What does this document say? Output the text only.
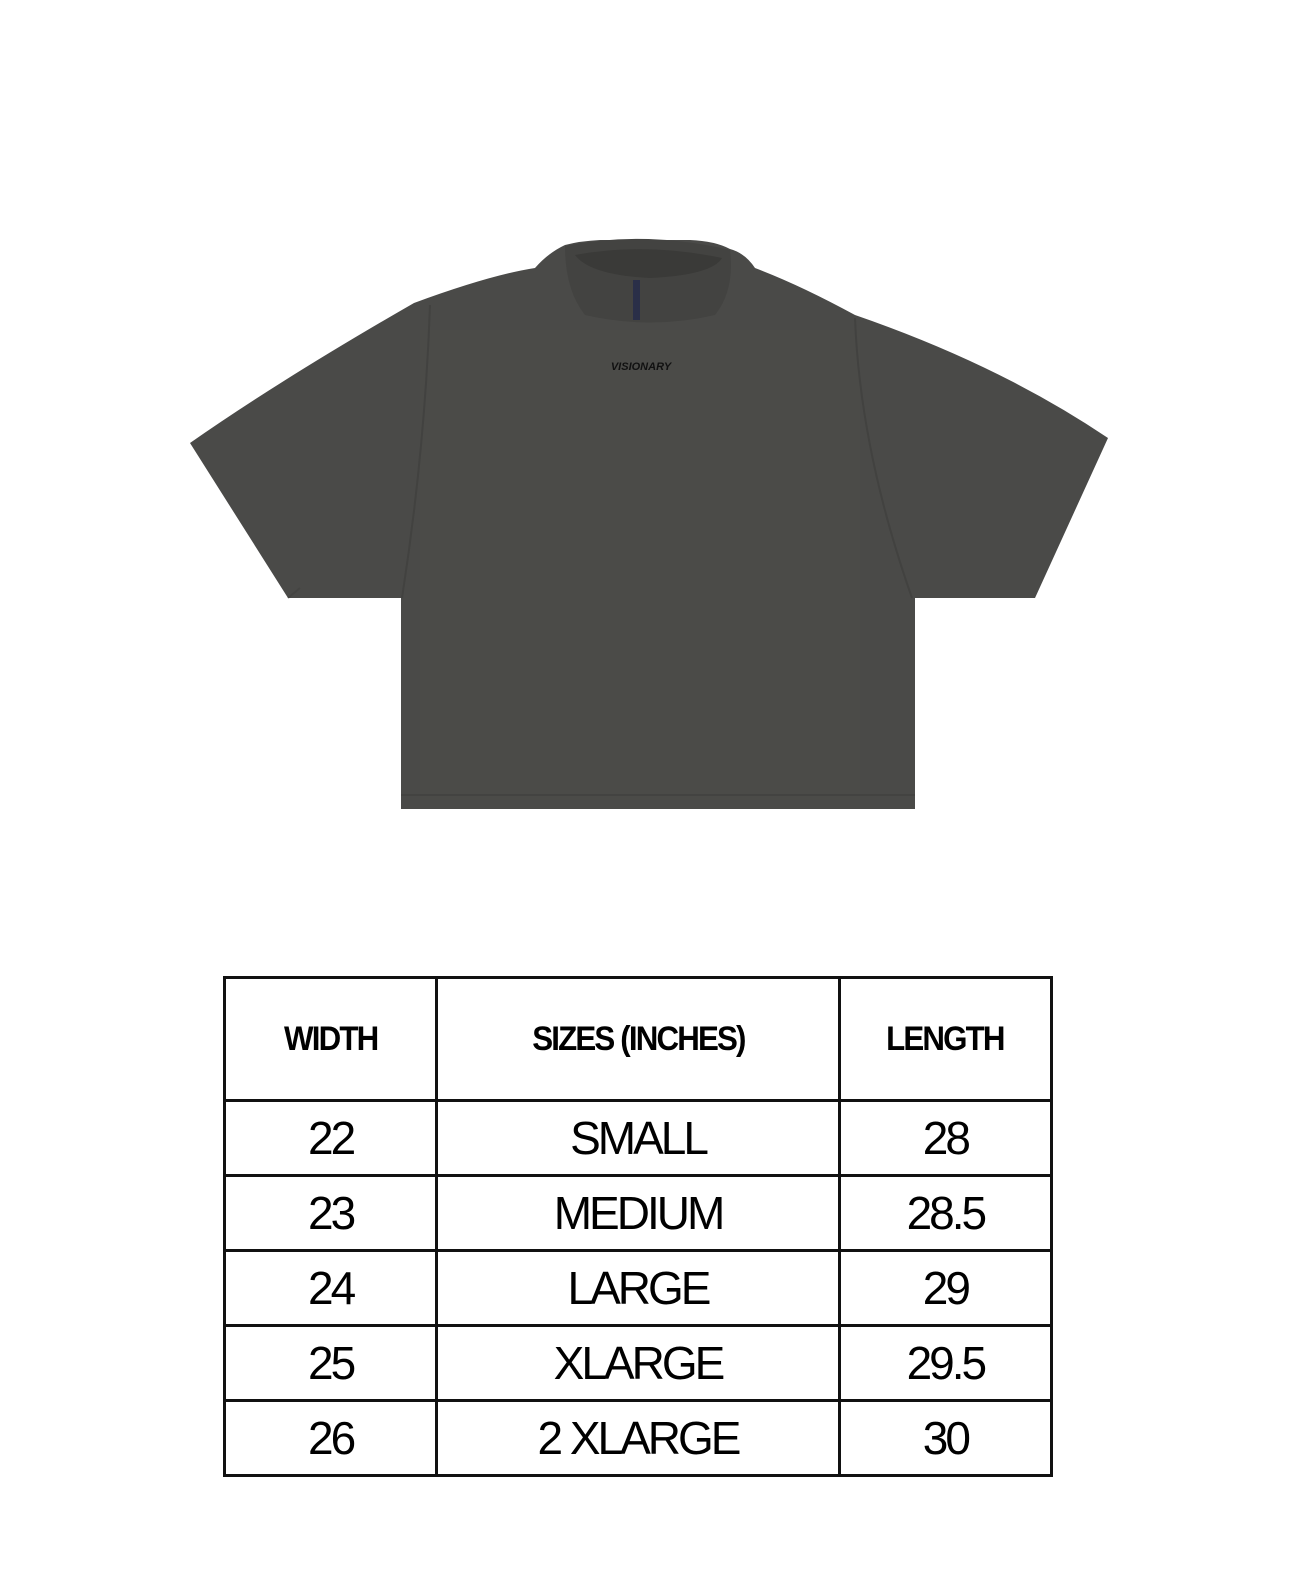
VISIONARY
WIDTH	SIZES (INCHES)	LENGTH
22	SMALL	28
23	MEDIUM	28.5
24	LARGE	29
25	XLARGE	29.5
26	2 XLARGE	30
